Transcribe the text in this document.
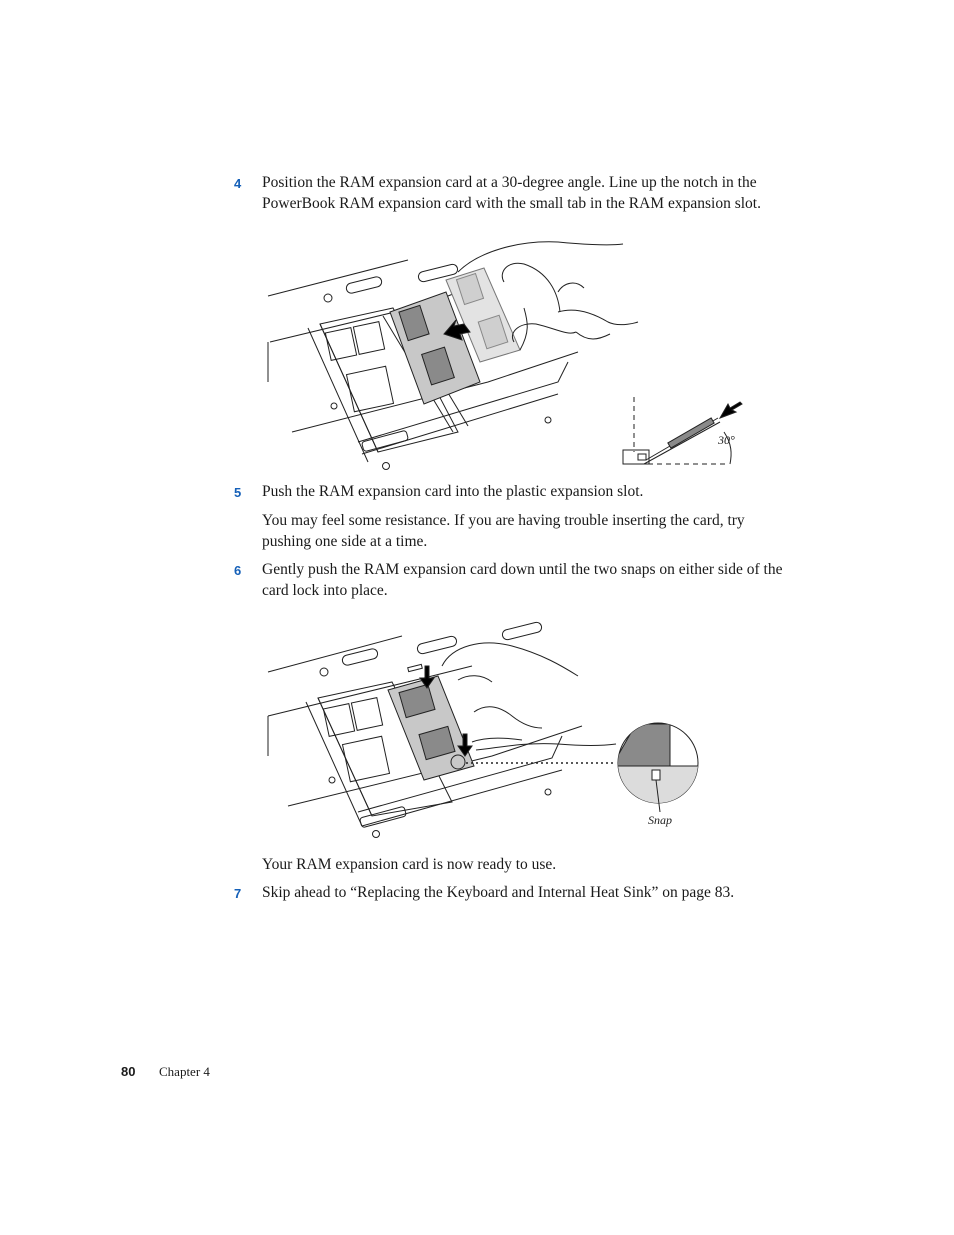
4 Position the RAM expansion card at a 30-degree angle. Line up the notch in the PowerBook RAM expansion card with the small tab in the RAM expansion slot.
30°
5 Push the RAM expansion card into the plastic expansion slot.
You may feel some resistance. If you are having trouble inserting the card, try pushing one side at a time.
6 Gently push the RAM expansion card down until the two snaps on either side of the card lock into place.
Snap
Your RAM expansion card is now ready to use.
7 Skip ahead to “Replacing the Keyboard and Internal Heat Sink” on page 83.
80 Chapter 4
